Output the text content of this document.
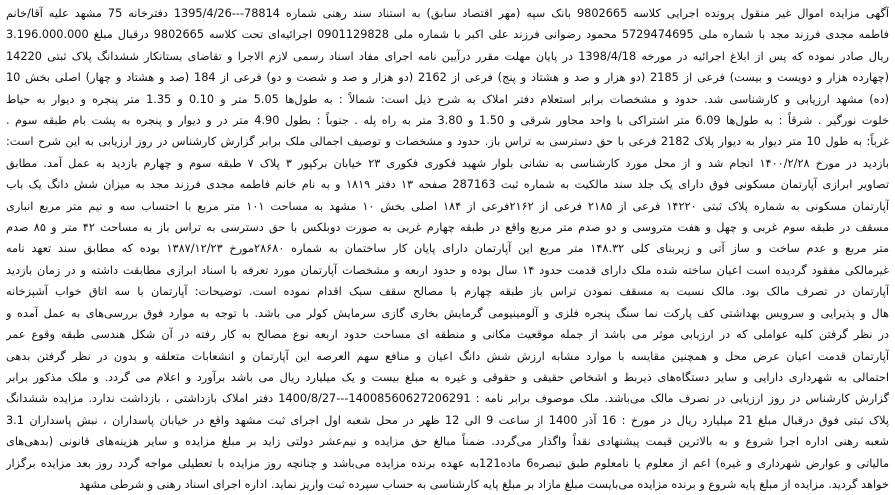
آگهی مزایده اموال غیر منقول پرونده اجرایی کلاسه 9802665 بانک سپه (مهر اقتصاد سابق) به استناد سند رهنی شماره 78814---1395/4/26 دفترخانه 75 مشهد علیه آقا/خانم
فاطمه مجدی فرزند مجد با شماره ملی 5729474695 محمود رضوانی فرزند علی اکبر با شماره ملی 0901129828 اجرائیه‌ای تحت کلاسه 9802665 درقبال مبلغ 3.196.000.000
ریال صادر نموده که پس از ابلاغ اجرائیه در مورخه 1398/4/18 در پایان مهلت مقرر درآیین نامه اجرای مفاد اسناد رسمی لازم الاجرا و تقاضای بستانکار ششدانگ پلاک ثبتی 14220
(چهارده هزار و دویست و بیست) فرعی از 2185 (دو هزار و صد و هشتاد و پنج) فرعی از 2162 (دو هزار و صد و شصت و دو) فرعی از 184 (صد و هشتاد و چهار) اصلی بخش 10
(ده) مشهد ارزیابی و کارشناسی شد. حدود و مشخصات برابر استعلام دفتر املاک به شرح ذیل است: شمالاً : به طول‌ها 5.05 متر و 0.10 و 1.35 متر پنجره و دیوار به حیاط
خلوت نورگیر . شرقاً : به طول‌ها 6.09 متر اشتراکی با واحد مجاور شرقی و 1.50 و 3.80 متر به راه پله . جنوباً : بطول 4.90 متر در و دیوار و پنجره به پشت بام طبقه سوم .
غرباً: به طول 10 متر دیوار به دیوار پلاک 2182 فرعی با حق دسترسی به تراس باز. حدود و مشخصات و توصیف اجمالی ملک برابر گزارش کارشناس در روز ارزیابی به این شرح است:
بازدید در مورخ ۱۴۰۰/۲/۲۸ انجام شد و از محل مورد کارشناسی به نشانی بلوار شهید فکوری فکوری ۲۳ خیابان برکپور ۳ پلاک ۷ طبقه سوم و چهارم بازدید به عمل آمد. مطابق
تصاویر ابرازی آپارتمان مسکونی فوق دارای یک جلد سند مالکیت به شماره ثبت 287163 صفحه ۱۳ دفتر ۱۸۱۹ و به نام خانم فاطمه مجدی فرزند مجد به میزان شش دانگ یک باب
آپارتمان مسکونی به شماره پلاک ثبتی ۱۴۲۲۰ فرعی از ۲۱۸۵ فرعی از ۲۱۶۲فرعی از ۱۸۴ اصلی بخش ۱۰ مشهد به مساحت ۱۰۱ متر مربع با احتساب سه و نیم متر مربع انباری
مسقف در طبقه سوم غربی و چهل و هفت متروسی و دو صدم متر مربع واقع در طبقه چهارم غربی به صورت دوبلکس با حق دسترسی به تراس باز به مساحت ۴۲ متر و ۸۵ صدم
متر مربع و عدم ساخت و ساز آتی و زیربنای کلی ۱۴۸.۳۲ متر مربع این آپارتمان دارای پایان کار ساختمان به شماره ۲۸۶۸۰مورخ ۱۳۸۷/۱۲/۲۳ بوده که مطابق سند تعهد نامه
غیرمالکی مفقود گردیده است اعیان ساخته شده ملک دارای قدمت حدود ۱۴ سال بوده و حدود اربعه و مشخصات آپارتمان مورد تعرفه با اسناد ابرازی مطابقت داشته و در زمان بازدید
آپارتمان در تصرف مالک بود. مالک نسبت به مسقف نمودن تراس باز طبقه چهارم با مصالح سقف سبک اقدام نموده است. توضیحات: آپارتمان با سه اتاق خواب آشپزخانه
هال و پذیرایی و سرویس بهداشتی کف پارکت نما سنگ پنجره فلزی و آلومینیومی گرمایش بخاری گازی سرمایش کولر می باشد. با توجه به موارد فوق بررسی‌های به عمل آمده و
در نظر گرفتن کلیه عواملی که در ارزیابی موثر می باشد از جمله موقعیت مکانی و منطقه ای مساحت حدود اربعه نوع مصالح به کار رفته در آن شکل هندسی طبقه وقوع عمر
آپارتمان قدمت اعیان عرض محل و همچنین مقایسه با موارد مشابه ارزش شش دانگ اعیان و منافع سهم العرصه این آپارتمان و انشعابات متعلقه و بدون در نظر گرفتن بدهی
احتمالی به شهرداری دارایی و سایر دستگاه‌های ذیربط و اشخاص حقیقی و حقوقی و غیره به مبلغ بیست و یک میلیارد ریال می باشد برآورد و اعلام می گردد. و ملک مذکور برابر
گزارش کارشناس در روز ارزیابی در تصرف مالک می‌باشد. ملک موصوف برابر نامه : 14008560627206291---1400/8/27 دفتر املاک بازداشتی ، بازداشت ندارد. مزایده ششدانگ
پلاک ثبتی فوق درقبال مبلغ 21 میلیارد ریال در مورخ : 16 آذر 1400 از ساعت 9 الی 12 ظهر در محل شعبه اول اجرای ثبت مشهد واقع در خیابان پاسداران ، نبش پاسداران 3.1
شعبه رهنی اداره اجرا شروع و به بالاترین قیمت پیشنهادی نقداً واگذار می‌گردد. ضمناً مبالغ حق مزایده و نیم‌عشر دولتی زاید بر مبلغ مزایده و سایر هزینه‌های قانونی (بدهی‌های
مالیاتی و عوارض شهرداری و غیره) اعم از معلوم یا نامعلوم طبق تبصره6 ماده121به عهده برنده مزایده می‌باشد و چنانچه روز مزایده با تعطیلی مواجه گردد روز بعد مزایده برگزار
خواهد گردید. مزایده از مبلغ پایه شروع و برنده مزایده می‌بایست مبلغ مازاد بر مبلغ پایه کارشناسی به حساب سپرده ثبت واریز نماید. اداره اجرای اسناد رهنی و شرطی مشهد
